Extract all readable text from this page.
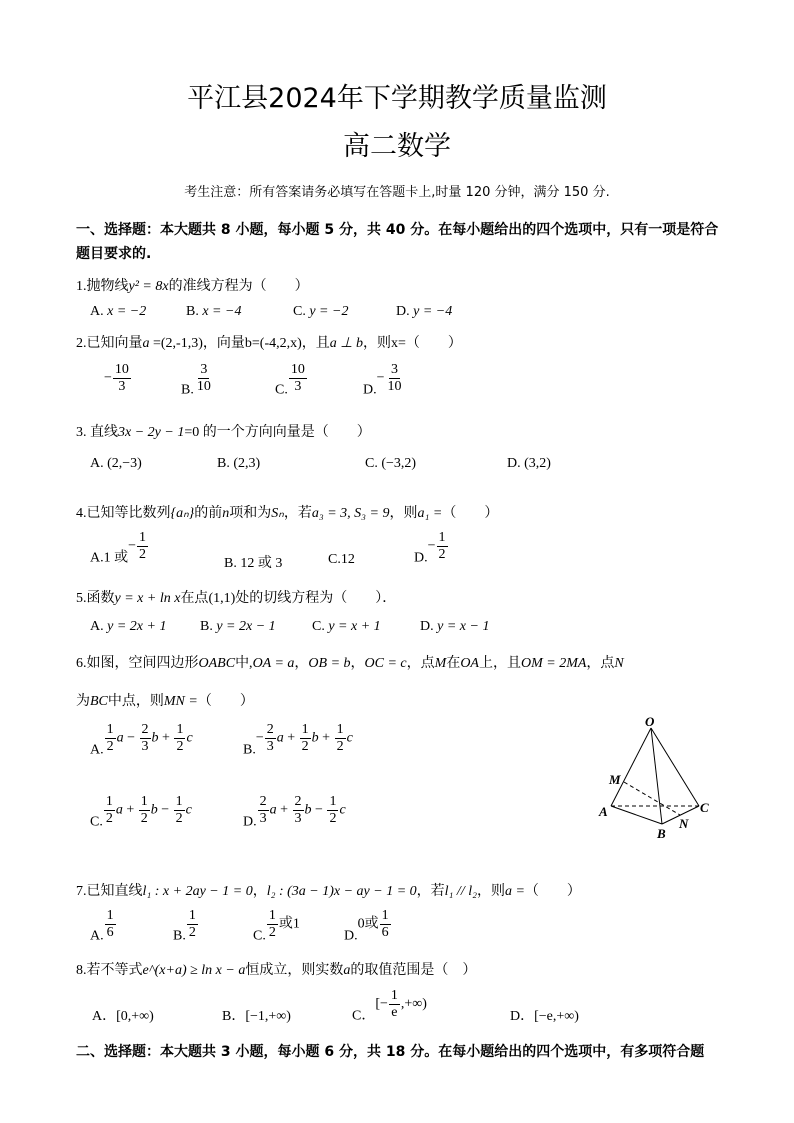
平江县2024年下学期教学质量监测
高二数学
考生注意：所有答案请务必填写在答题卡上,时量 120 分钟，满分 150 分.
一、选择题：本大题共 8 小题，每小题 5 分，共 40 分。在每小题给出的四个选项中，只有一项是符合题目要求的.
1.抛物线y² = 8x的准线方程为（　　）
A. x = −2	B. x = −4	C. y = −2	D. y = −4
2.已知向量a =(2,-1,3)，向量b=(-4,2,x)，且a ⊥ b，则x=（　　）
− $\frac{10}{3}$	B. $\frac{3}{10}$	C. $\frac{10}{3}$	$D.- \frac{3}{10}$
3. 直线3x − 2y − 1=0 的一个方向向量是（　　）
A. (2,−3)	B. (2,3)	C. (−3,2)	D. (3,2)
4.已知等比数列{aₙ}的前n项和为Sₙ，若a₃ = 3, S₃ = 9，则a₁ =（　　）
A.1 或− $\frac{1}{2}$
B. 12 或 3	C.12	$D.- \frac{1}{2}$
5.函数y = x + ln x在点(1,1)处的切线方程为（　　）．
A. y = 2x + 1 B. y = 2x − 1	C. y = x + 1	D. y = x − 1
6.如图，空间四边形OABC中,OA = a，OB = b，OC = c，点M在OA上，且OM = 2MA，点N
为BC中点，则MN =（　　）
A. $\frac{1}{2}$ $a - \frac{2}{3}$ $b + \frac{1}{2}$ c
$B.- \frac{2}{3}$ $a + \frac{1}{2}$ $b + \frac{1}{2}$ c
C. $\frac{1}{2}$ $a + \frac{1}{2}$ $b - \frac{1}{2}$ c
D. $\frac{2}{3}$ $a + \frac{2}{3}$ $b - \frac{1}{2}$ c
O
M
A
B
C
N
7.已知直线l₁ : x + 2ay − 1 = 0，l₂ : (3a − 1)x − ay − 1 = 0，若l₁ // l₂，则a =（　　）
A. $\frac{1}{6}$	B. $\frac{1}{2}$	C. $\frac{1}{2}$ 或1
D.0或 $\frac{1}{6}$
8.若不等式e^(x+a) ≥ ln x − a恒成立，则实数a的取值范围是（　）
A．[0,+∞)	B．[−1,+∞)	C．[− $\frac{1}{e}$ ,+∞)
D．[−e,+∞)
二、选择题：本大题共 3 小题，每小题 6 分，共 18 分。在每小题给出的四个选项中，有多项符合题
